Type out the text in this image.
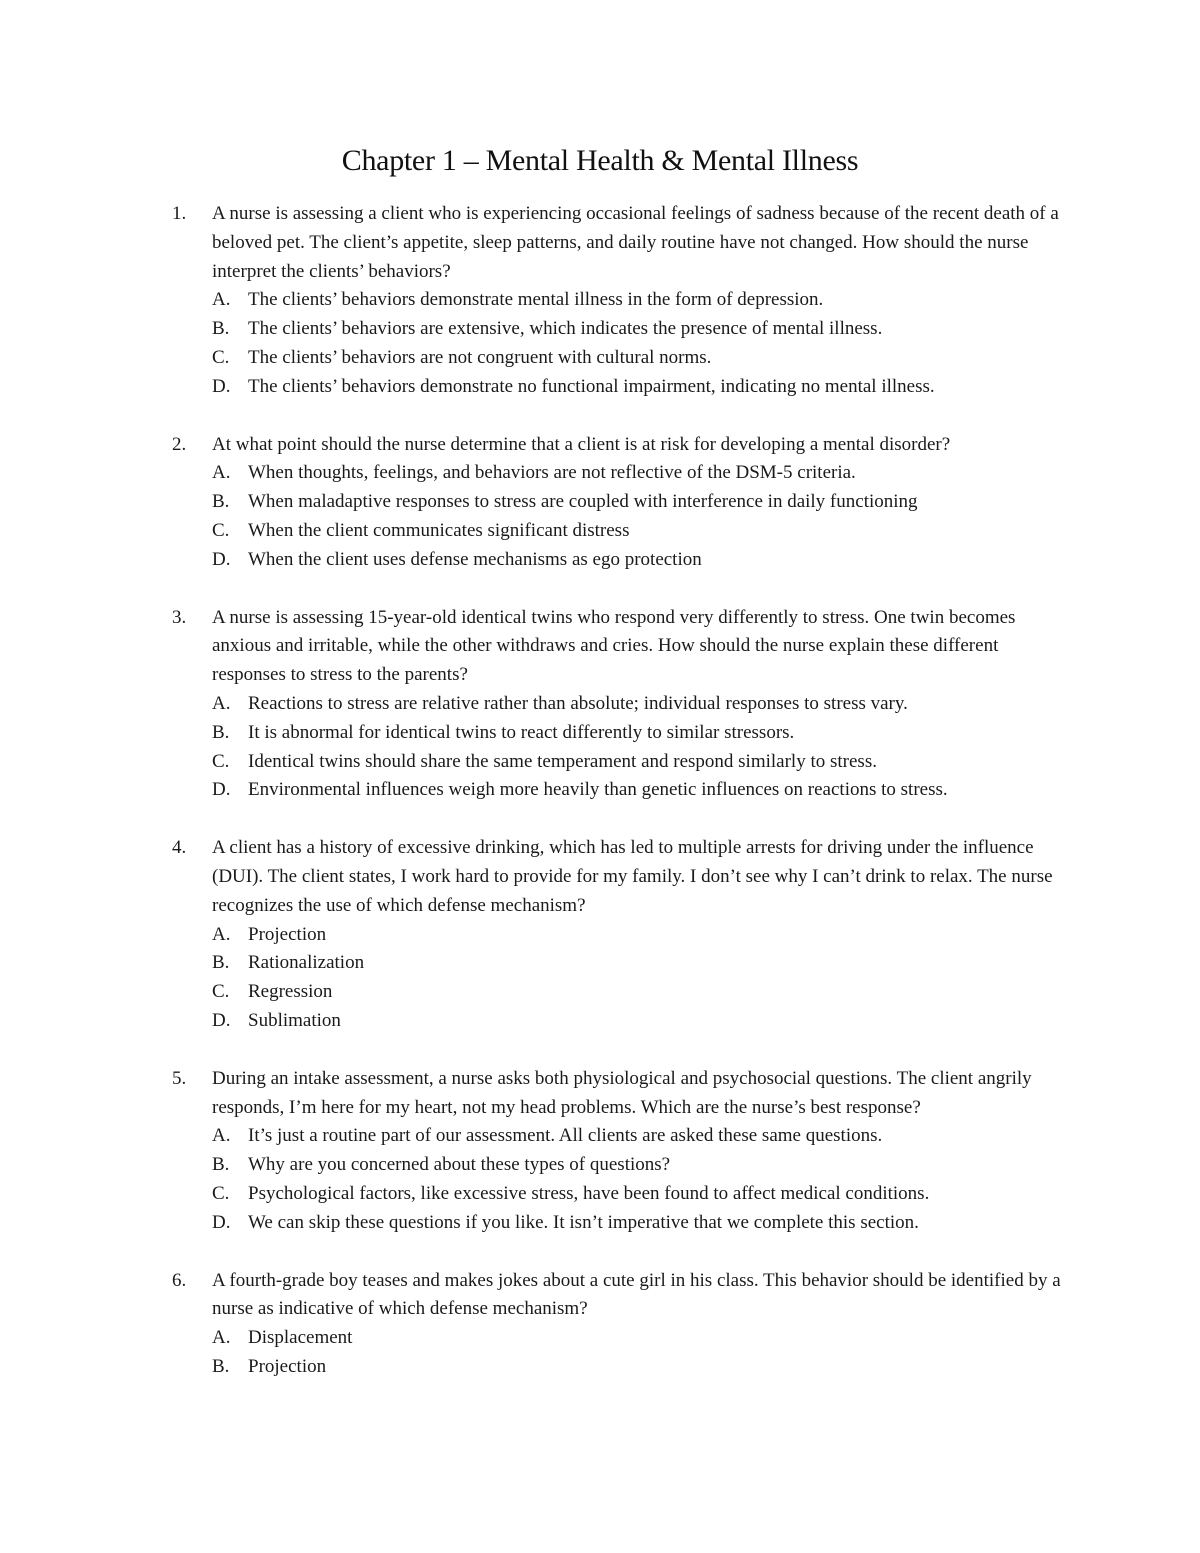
Chapter 1 – Mental Health & Mental Illness
1. A nurse is assessing a client who is experiencing occasional feelings of sadness because of the recent death of a beloved pet. The client’s appetite, sleep patterns, and daily routine have not changed. How should the nurse interpret the clients’ behaviors?
A. The clients’ behaviors demonstrate mental illness in the form of depression.
B. The clients’ behaviors are extensive, which indicates the presence of mental illness.
C. The clients’ behaviors are not congruent with cultural norms.
D. The clients’ behaviors demonstrate no functional impairment, indicating no mental illness.
2. At what point should the nurse determine that a client is at risk for developing a mental disorder?
A. When thoughts, feelings, and behaviors are not reflective of the DSM-5 criteria.
B. When maladaptive responses to stress are coupled with interference in daily functioning
C. When the client communicates significant distress
D. When the client uses defense mechanisms as ego protection
3. A nurse is assessing 15-year-old identical twins who respond very differently to stress. One twin becomes anxious and irritable, while the other withdraws and cries. How should the nurse explain these different responses to stress to the parents?
A. Reactions to stress are relative rather than absolute; individual responses to stress vary.
B. It is abnormal for identical twins to react differently to similar stressors.
C. Identical twins should share the same temperament and respond similarly to stress.
D. Environmental influences weigh more heavily than genetic influences on reactions to stress.
4. A client has a history of excessive drinking, which has led to multiple arrests for driving under the influence (DUI). The client states, I work hard to provide for my family. I don’t see why I can’t drink to relax. The nurse recognizes the use of which defense mechanism?
A. Projection
B. Rationalization
C. Regression
D. Sublimation
5. During an intake assessment, a nurse asks both physiological and psychosocial questions. The client angrily responds, I’m here for my heart, not my head problems. Which are the nurse’s best response?
A. It’s just a routine part of our assessment. All clients are asked these same questions.
B. Why are you concerned about these types of questions?
C. Psychological factors, like excessive stress, have been found to affect medical conditions.
D. We can skip these questions if you like. It isn’t imperative that we complete this section.
6. A fourth-grade boy teases and makes jokes about a cute girl in his class. This behavior should be identified by a nurse as indicative of which defense mechanism?
A. Displacement
B. Projection
